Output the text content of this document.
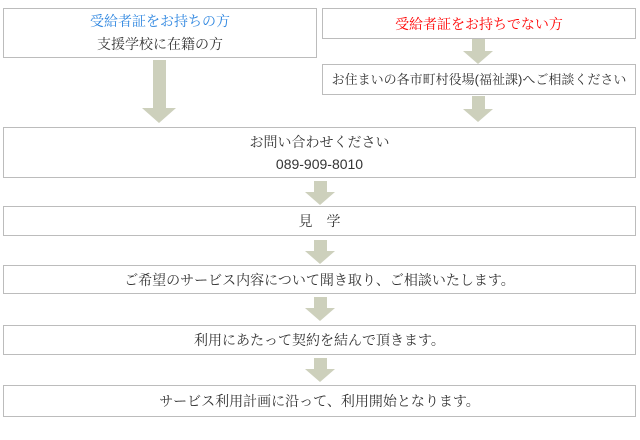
受給者証をお持ちの方
支援学校に在籍の方
受給者証をお持ちでない方
お住まいの各市町村役場(福祉課)へご相談ください
お問い合わせください
089-909-8010
見　学
ご希望のサービス内容について聞き取り、ご相談いたします。
利用にあたって契約を結んで頂きます。
サービス利用計画に沿って、利用開始となります。
